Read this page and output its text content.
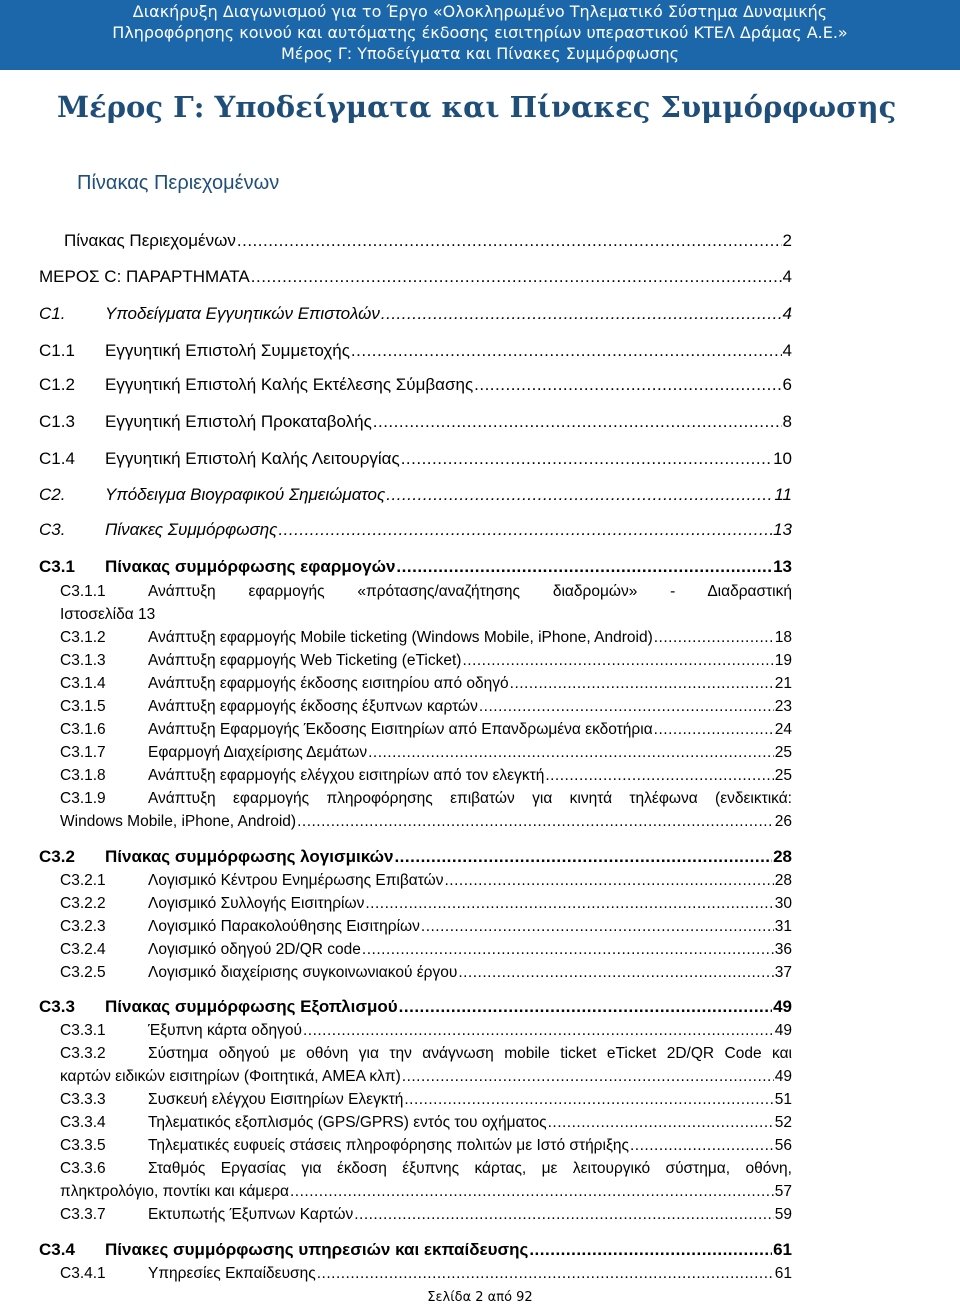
Διακήρυξη Διαγωνισμού για το Έργο «Ολοκληρωμένο Τηλεματικό Σύστημα Δυναμικής
Πληροφόρησης κοινού και αυτόματης έκδοσης εισιτηρίων υπεραστικού ΚΤΕΛ Δράμας Α.Ε.»
Μέρος Γ: Υποδείγματα και Πίνακες Συμμόρφωσης
Μέρος Γ: Υποδείγματα και Πίνακες Συμμόρφωσης
Πίνακας Περιεχομένων
Πίνακας Περιεχομένων .....	2
ΜΕΡΟΣ C: ΠΑΡΑΡΤΗΜΑΤΑ .....	4
C1.	Υποδείγματα Εγγυητικών Επιστολών .....	4
C1.1	Εγγυητική Επιστολή Συμμετοχής .....	4
C1.2	Εγγυητική Επιστολή Καλής Εκτέλεσης Σύμβασης .....	6
C1.3	Εγγυητική Επιστολή Προκαταβολής .....	8
C1.4	Εγγυητική Επιστολή Καλής Λειτουργίας .....	10
C2.	Υπόδειγμα Βιογραφικού Σημειώματος .....	11
C3.	Πίνακες Συμμόρφωσης .....	13
C3.1	Πίνακας συμμόρφωσης εφαρμογών .....	13
C3.1.1	Ανάπτυξη εφαρμογής «πρότασης/αναζήτησης διαδρομών» - Διαδραστική
Ιστοσελίδα 13
C3.1.2	Ανάπτυξη εφαρμογής Mobile ticketing (Windows Mobile, iPhone, Android) .....	18
C3.1.3	Ανάπτυξη εφαρμογής Web Ticketing (eTicket) .....	19
C3.1.4	Ανάπτυξη εφαρμογής έκδοσης εισιτηρίου από οδηγό .....	21
C3.1.5	Ανάπτυξη εφαρμογής έκδοσης έξυπνων καρτών .....	23
C3.1.6	Ανάπτυξη Εφαρμογής Έκδοσης Εισιτηρίων από Επανδρωμένα εκδοτήρια .....	24
C3.1.7	Εφαρμογή Διαχείρισης Δεμάτων .....	25
C3.1.8	Ανάπτυξη εφαρμογής ελέγχου εισιτηρίων από τον ελεγκτή .....	25
C3.1.9	Ανάπτυξη εφαρμογής πληροφόρησης επιβατών για κινητά τηλέφωνα (ενδεικτικά:
Windows Mobile, iPhone, Android) .....	26
C3.2	Πίνακας συμμόρφωσης λογισμικών .....	28
C3.2.1	Λογισμικό Κέντρου Ενημέρωσης Επιβατών .....	28
C3.2.2	Λογισμικό Συλλογής Εισιτηρίων .....	30
C3.2.3	Λογισμικό Παρακολούθησης Εισιτηρίων .....	31
C3.2.4	Λογισμικό οδηγού 2D/QR code .....	36
C3.2.5	Λογισμικό διαχείρισης συγκοινωνιακού έργου .....	37
C3.3	Πίνακας συμμόρφωσης Εξοπλισμού .....	49
C3.3.1	Έξυπνη κάρτα οδηγού .....	49
C3.3.2	Σύστημα οδηγού με οθόνη για την ανάγνωση mobile ticket eTicket 2D/QR Code και
καρτών ειδικών εισιτηρίων (Φοιτητικά, ΑΜΕΑ κλπ) .....	49
C3.3.3	Συσκευή ελέγχου Εισιτηρίων Ελεγκτή .....	51
C3.3.4	Τηλεματικός εξοπλισμός (GPS/GPRS) εντός του οχήματος .....	52
C3.3.5	Τηλεματικές ευφυείς στάσεις πληροφόρησης πολιτών με Ιστό στήριξης .....	56
C3.3.6	Σταθμός Εργασίας για έκδοση έξυπνης κάρτας, με λειτουργικό σύστημα, οθόνη,
πληκτρολόγιο, ποντίκι και κάμερα .....	57
C3.3.7	Εκτυπωτής Έξυπνων Καρτών .....	59
C3.4	Πίνακες συμμόρφωσης υπηρεσιών και εκπαίδευσης .....	61
C3.4.1	Υπηρεσίες Εκπαίδευσης .....	61
Σελίδα 2 από 92
